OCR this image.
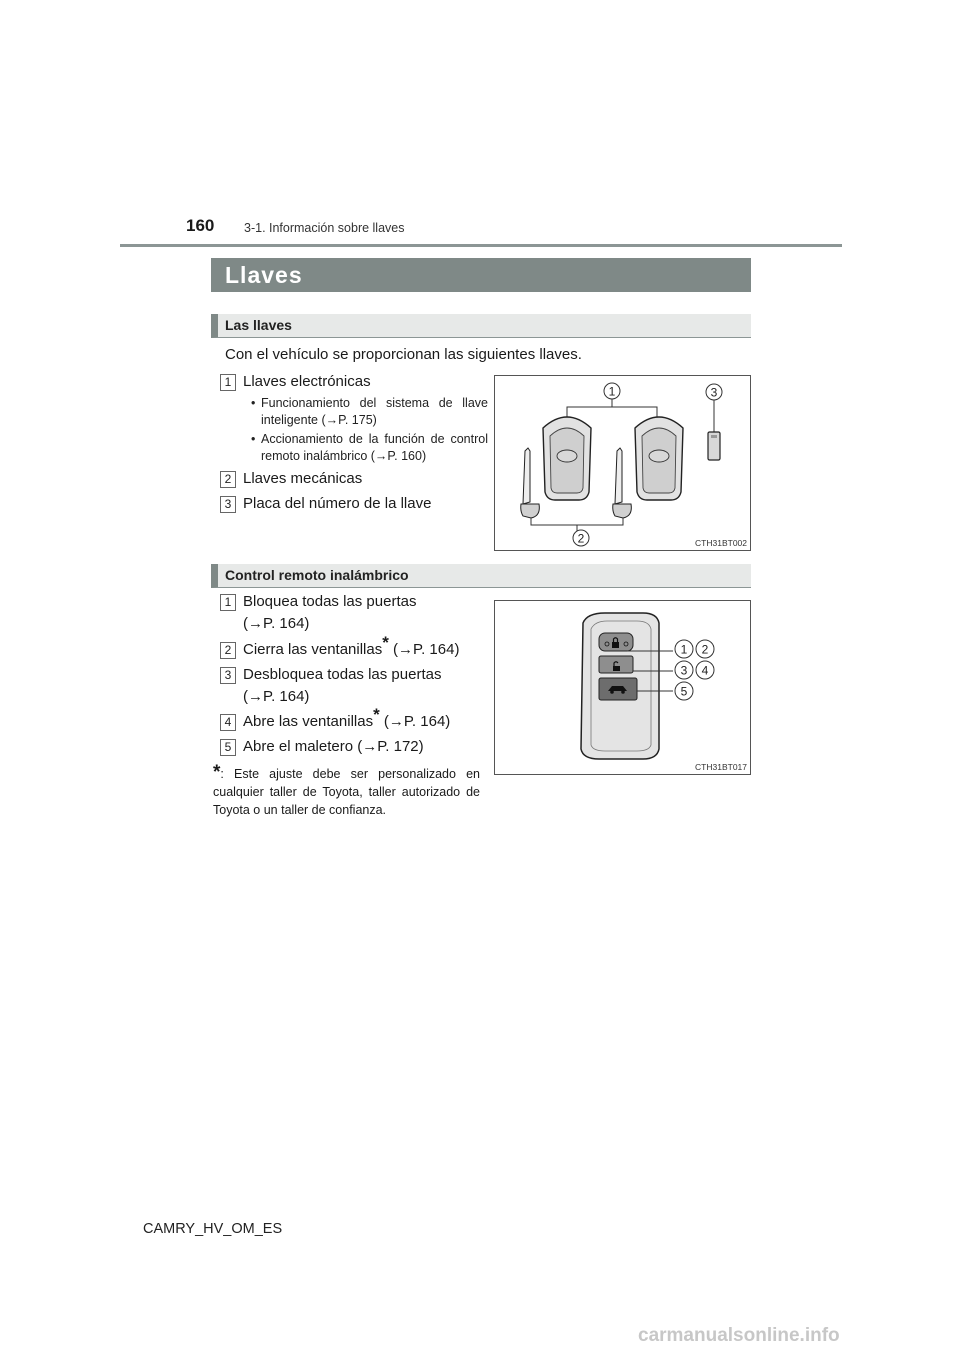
160 3-1. Información sobre llaves
Llaves
Las llaves
Con el vehículo se proporcionan las siguientes llaves.
1 Llaves electrónicas
• Funcionamiento del sistema de llave inteligente (→P. 175)
• Accionamiento de la función de control remoto inalámbrico (→P. 160)
2 Llaves mecánicas
3 Placa del número de la llave
1	3
2	CTH31BT002
Control remoto inalámbrico
1 Bloquea todas las puertas
(→P. 164)
2 Cierra las ventanillas* (→P. 164)
3 Desbloquea todas las puertas
(→P. 164)
4 Abre las ventanillas* (→P. 164)
5 Abre el maletero (→P. 172)
*: Este ajuste debe ser personalizado en cualquier taller de Toyota, taller autorizado de Toyota o un taller de confianza.
1 2
3 4
5
CTH31BT017
CAMRY_HV_OM_ES
carmanualsonline.info
